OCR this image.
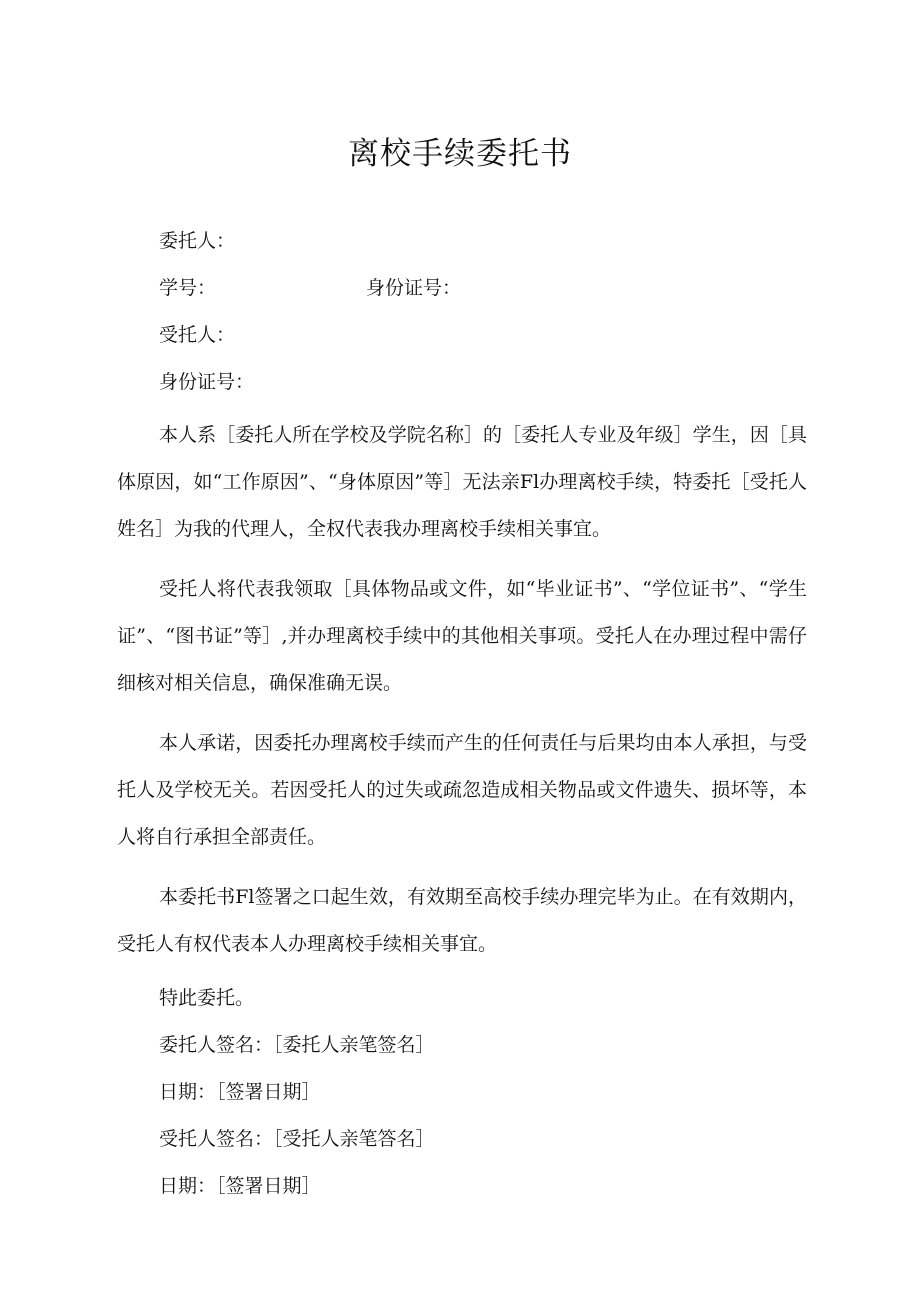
离校手续委托书

委托人：

学号：	身份证号：

受托人：

身份证号：

本人系［委托人所在学校及学院名称］的［委托人专业及年级］学生，因［具体原因，如“工作原因”、“身体原因”等］无法亲Fl办理离校手续，特委托［受托人姓名］为我的代理人，全权代表我办理离校手续相关事宜。

受托人将代表我领取［具体物品或文件，如“毕业证书”、“学位证书”、“学生证”、“图书证”等］,并办理离校手续中的其他相关事项。受托人在办理过程中需仔细核对相关信息，确保准确无误。

本人承诺，因委托办理离校手续而产生的任何责任与后果均由本人承担，与受托人及学校无关。若因受托人的过失或疏忽造成相关物品或文件遗失、损坏等，本人将自行承担全部责任。

本委托书Fl签署之口起生效，有效期至高校手续办理完毕为止。在有效期内，受托人有权代表本人办理离校手续相关事宜。

特此委托。

委托人签名：［委托人亲笔签名］

日期：［签署日期］

受托人签名：［受托人亲笔答名］

日期：［签署日期］
